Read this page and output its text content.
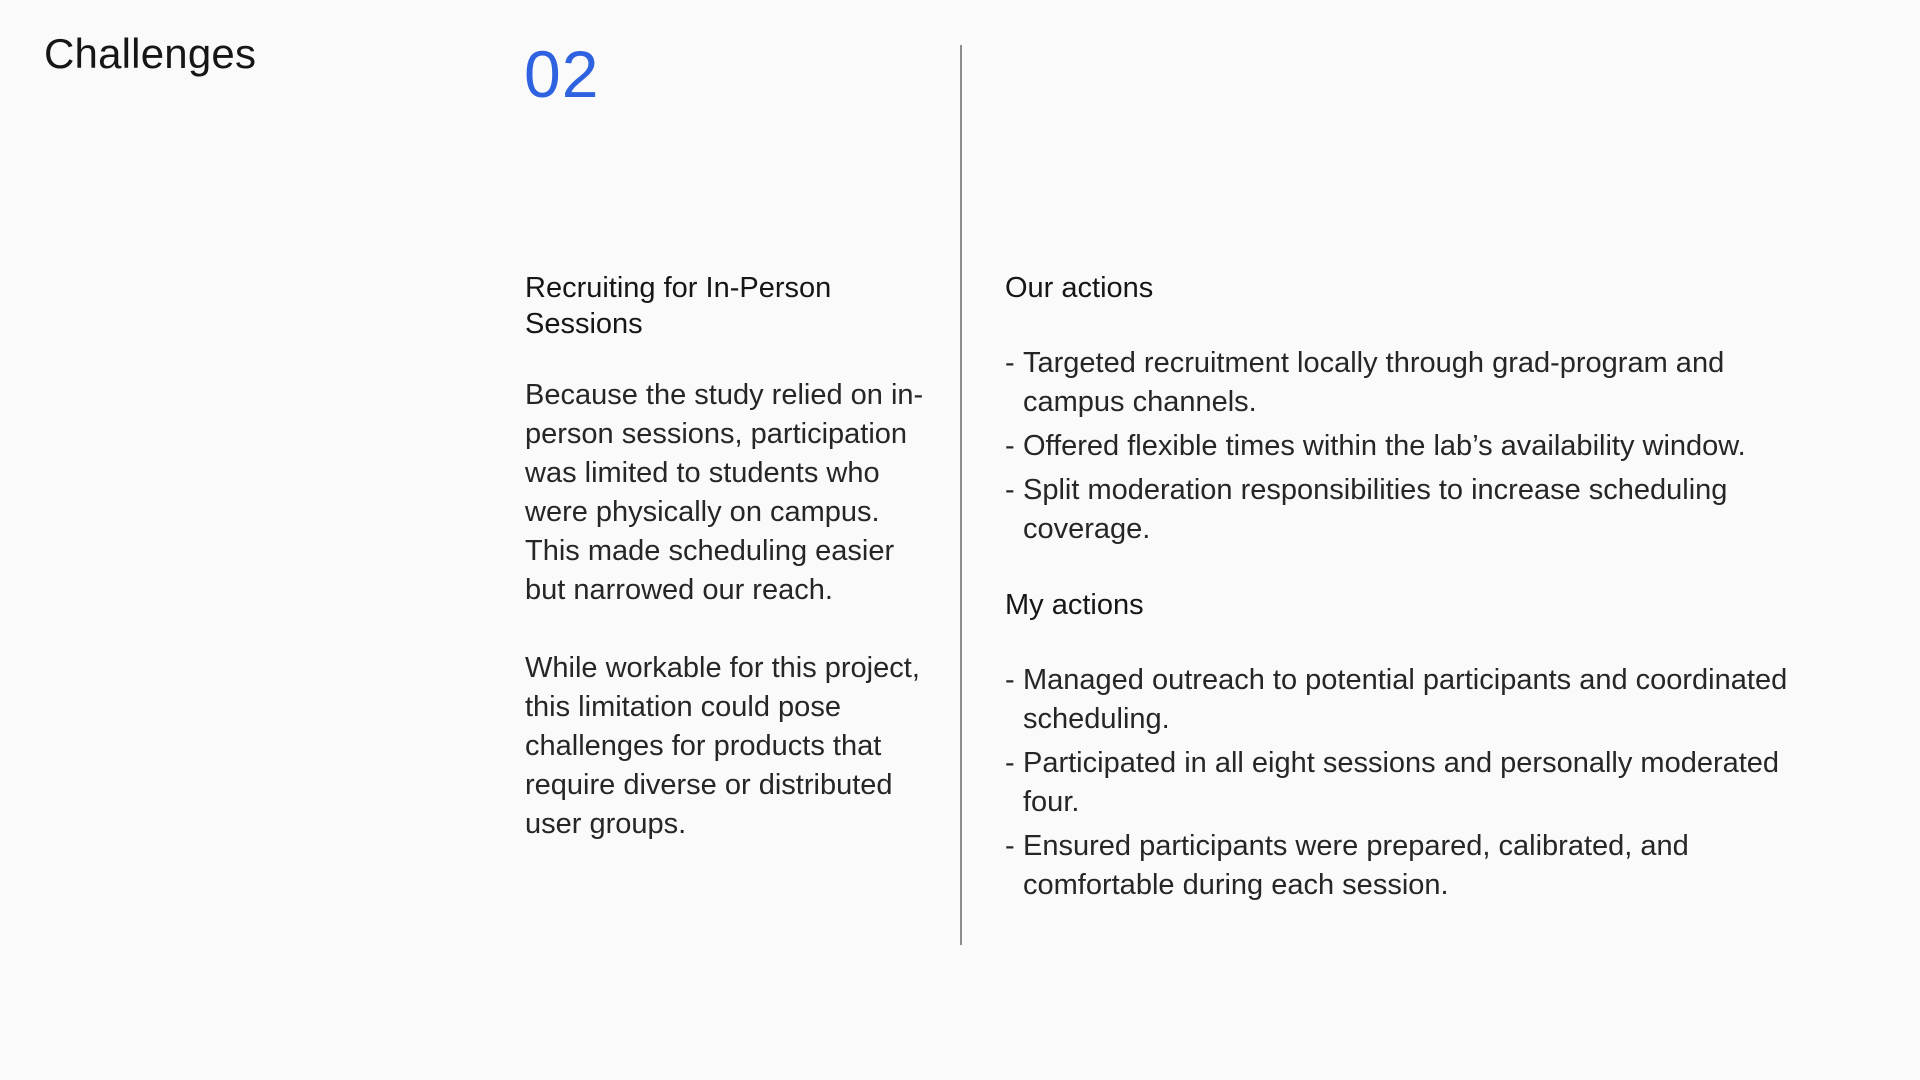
Challenges	02
Recruiting for In-Person Sessions

Because the study relied on in-person sessions, participation was limited to students who were physically on campus. This made scheduling easier but narrowed our reach.

While workable for this project, this limitation could pose challenges for products that require diverse or distributed user groups.

Our actions
- Targeted recruitment locally through grad-program and campus channels.
- Offered flexible times within the lab’s availability window.
- Split moderation responsibilities to increase scheduling coverage.
My actions
- Managed outreach to potential participants and coordinated scheduling.
- Participated in all eight sessions and personally moderated four.
- Ensured participants were prepared, calibrated, and comfortable during each session.
